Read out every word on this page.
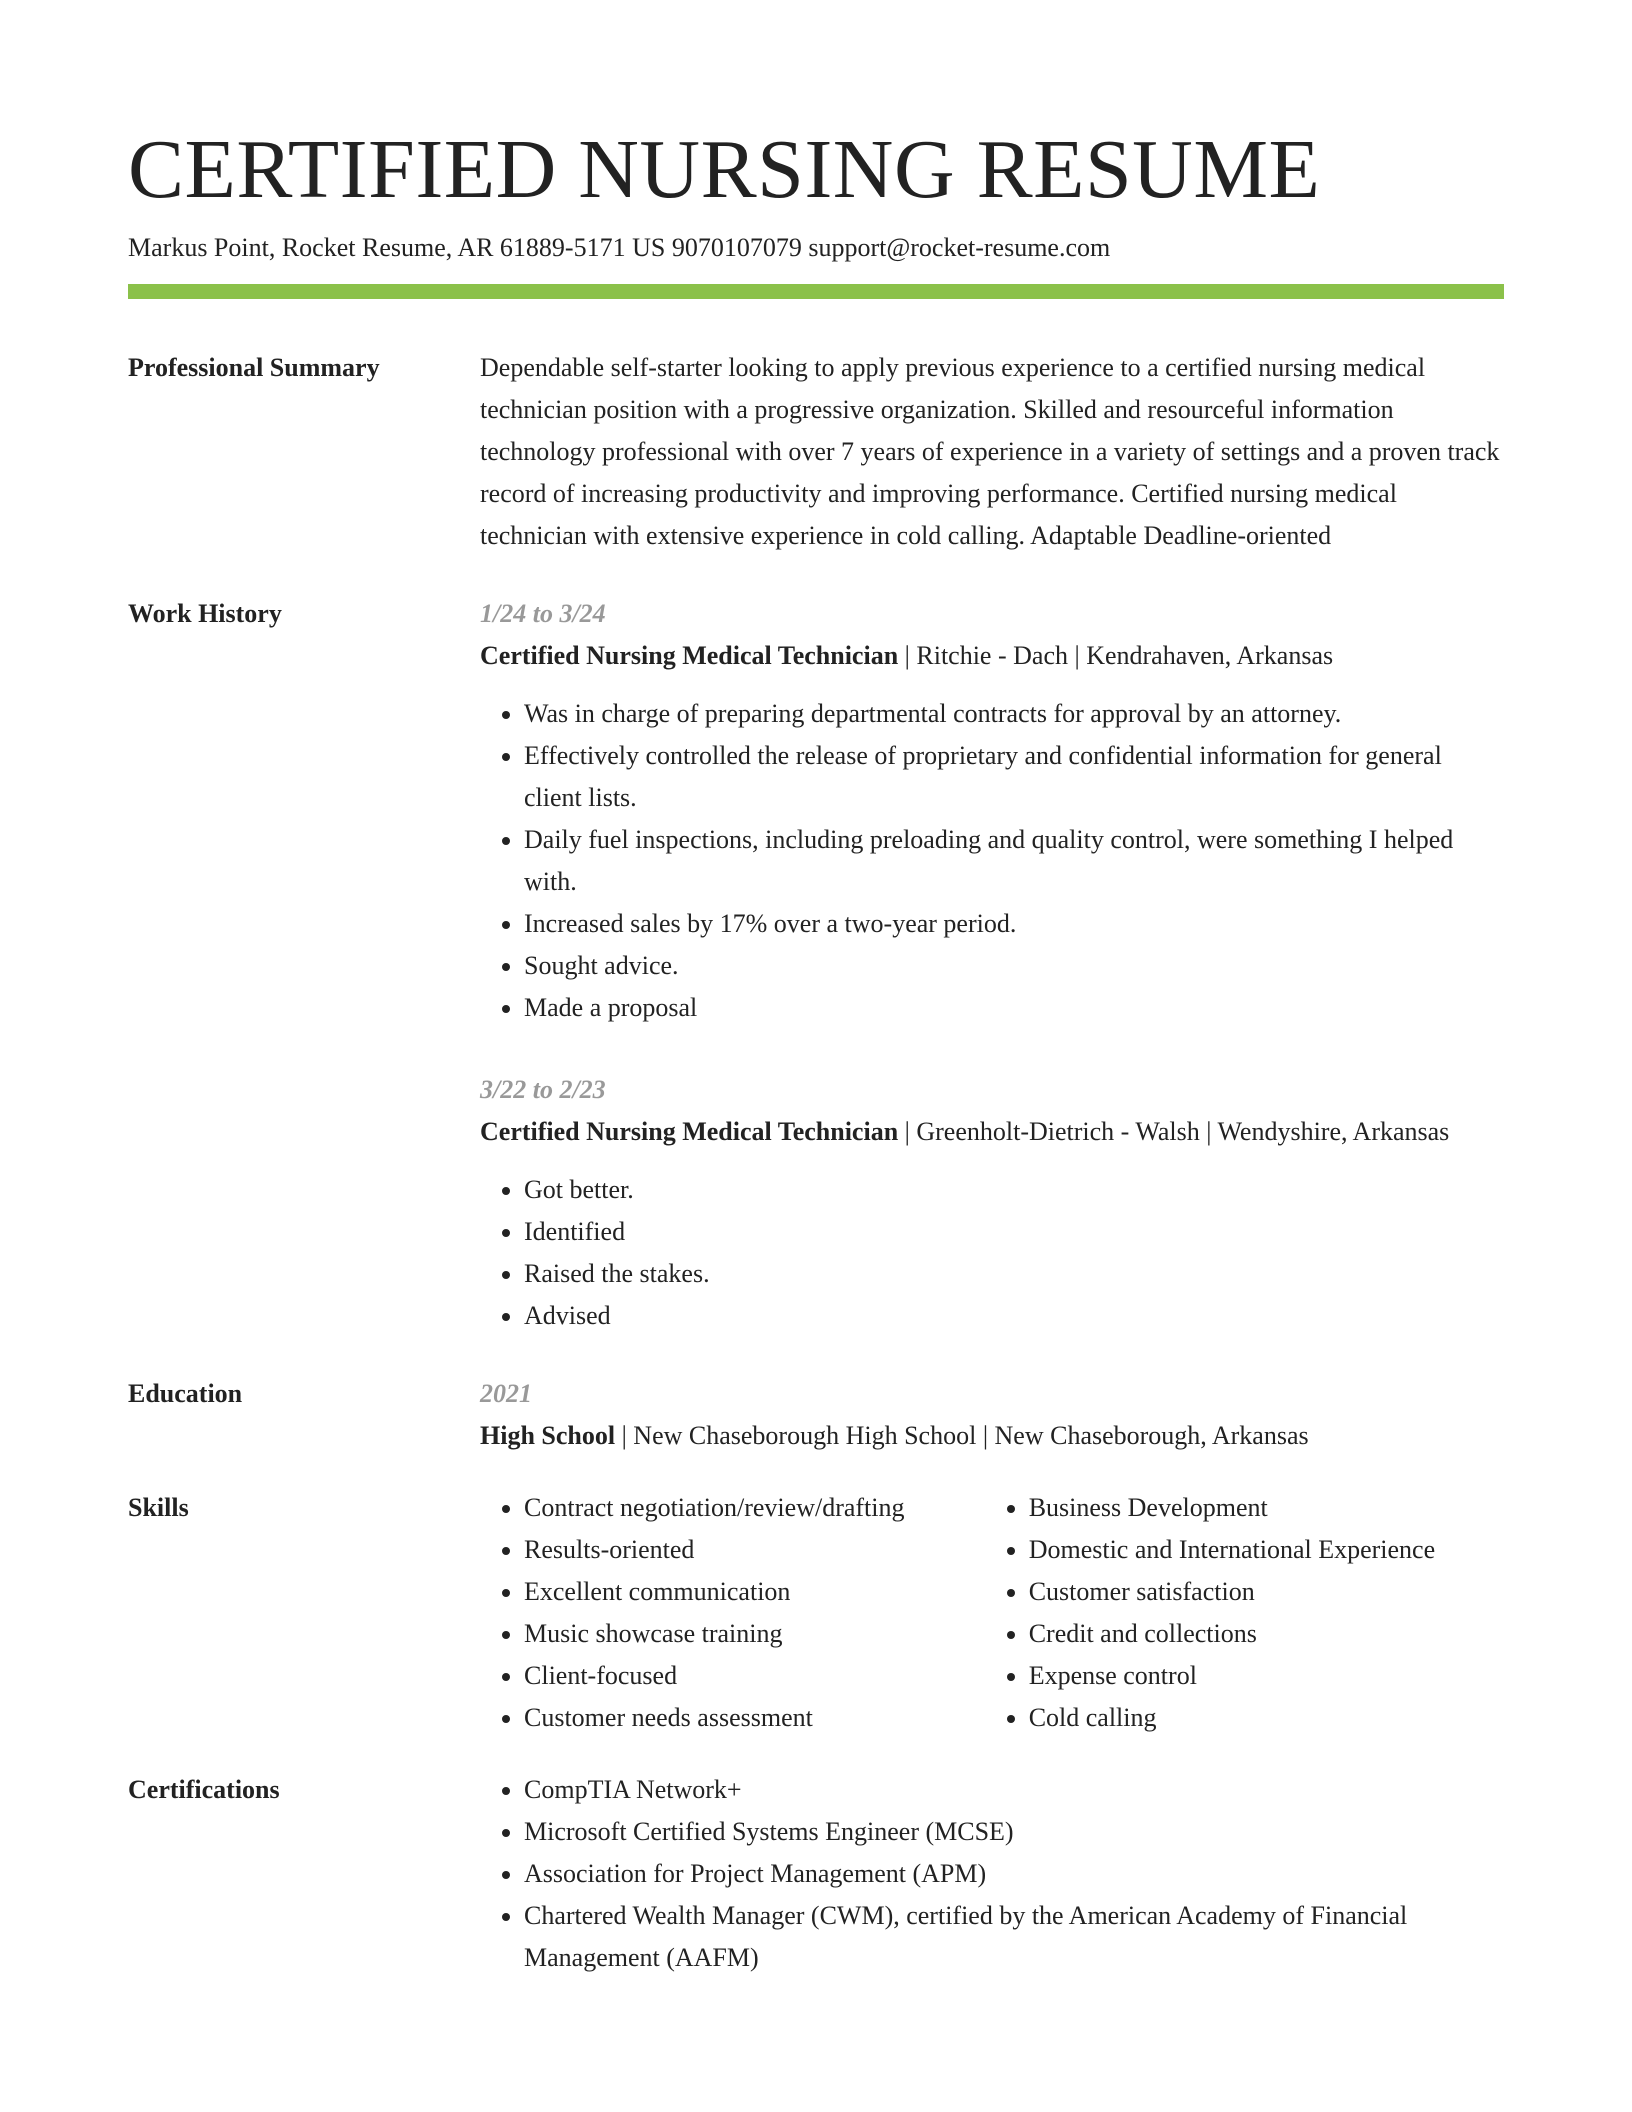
CERTIFIED NURSING RESUME
Markus Point, Rocket Resume, AR 61889-5171 US 9070107079 support@rocket-resume.com
Professional Summary	Dependable self-starter looking to apply previous experience to a certified nursing medical technician position with a progressive organization. Skilled and resourceful information technology professional with over 7 years of experience in a variety of settings and a proven track record of increasing productivity and improving performance. Certified nursing medical technician with extensive experience in cold calling. Adaptable Deadline-oriented
Work History	1/24 to 3/24
Certified Nursing Medical Technician | Ritchie - Dach | Kendrahaven, Arkansas
• Was in charge of preparing departmental contracts for approval by an attorney.
• Effectively controlled the release of proprietary and confidential information for general client lists.
• Daily fuel inspections, including preloading and quality control, were something I helped with.
• Increased sales by 17% over a two-year period.
• Sought advice.
• Made a proposal
3/22 to 2/23
Certified Nursing Medical Technician | Greenholt-Dietrich - Walsh | Wendyshire, Arkansas
• Got better.
• Identified
• Raised the stakes.
• Advised
Education	2021
High School | New Chaseborough High School | New Chaseborough, Arkansas
Skills	• Contract negotiation/review/drafting
• Results-oriented
• Excellent communication
• Music showcase training
• Client-focused
• Customer needs assessment
• Business Development
• Domestic and International Experience
• Customer satisfaction
• Credit and collections
• Expense control
• Cold calling
Certifications	• CompTIA Network+
• Microsoft Certified Systems Engineer (MCSE)
• Association for Project Management (APM)
• Chartered Wealth Manager (CWM), certified by the American Academy of Financial Management (AAFM)
